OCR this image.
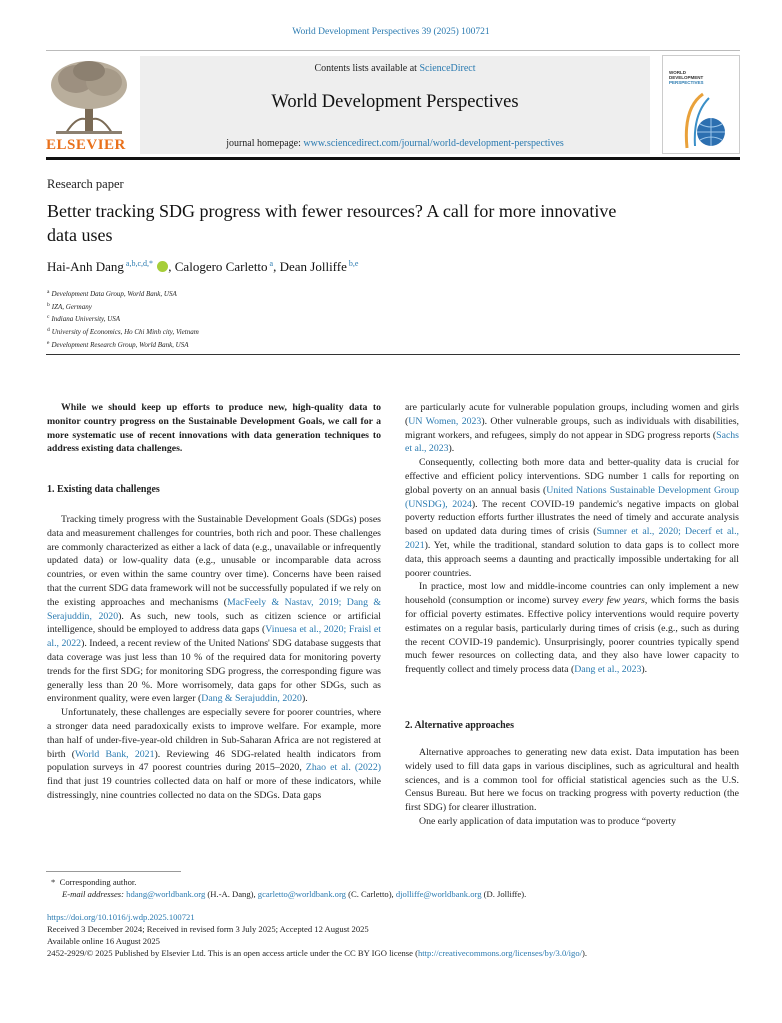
World Development Perspectives 39 (2025) 100721
ELSEVIER
Contents lists available at ScienceDirect
World Development Perspectives
journal homepage: www.sciencedirect.com/journal/world-development-perspectives
WORLD
DEVELOPMENT
PERSPECTIVES
Research paper
Better tracking SDG progress with fewer resources? A call for more innovative data uses
Hai-Anh Dang $^{a,b,c,d,*}$ , Calogero Carletto $^a$, Dean Jolliffe $^{b,e}$
$^a$ Development Data Group, World Bank, USA
$^b$ IZA, Germany
$^c$ Indiana University, USA
$^d$ University of Economics, Ho Chi Minh city, Vietnam
$^e$ Development Research Group, World Bank, USA

While we should keep up efforts to produce new, high-quality data to monitor country progress on the Sustainable Development Goals, we call for a more systematic use of recent innovations with data generation techniques to address existing data challenges.

1. Existing data challenges

Tracking timely progress with the Sustainable Development Goals (SDGs) poses data and measurement challenges for countries, both rich and poor. These challenges are commonly characterized as either a lack of data (e.g., unavailable or infrequently updated data) or low-quality data (e.g., unusable or incomparable data across countries, or even within the same country over time). Concerns have been raised that the current SDG data framework will not be successfully populated if we rely on the existing approaches and mechanisms (MacFeely & Nastav, 2019; Dang & Serajuddin, 2020). As such, new tools, such as citizen science or artificial intelligence, should be employed to address data gaps (Vinuesa et al., 2020; Fraisl et al., 2022). Indeed, a recent review of the United Nations' SDG database suggests that data coverage was just less than 10 % of the required data for monitoring poverty trends for the first SDG; for monitoring SDG progress, the corresponding figure was generally less than 20 %. More worrisomely, data gaps for other SDGs, such as environment quality, were even larger (Dang & Serajuddin, 2020).

Unfortunately, these challenges are especially severe for poorer countries, where a stronger data need paradoxically exists to improve welfare. For example, more than half of under-five-year-old children in Sub-Saharan Africa are not registered at birth (World Bank, 2021). Reviewing 46 SDG-related health indicators from population surveys in 47 poorest countries during 2015–2020, Zhao et al. (2022) find that just 19 countries collected data on half or more of these indicators, while distressingly, nine countries collected no data on the SDGs. Data gaps

are particularly acute for vulnerable population groups, including women and girls (UN Women, 2023). Other vulnerable groups, such as individuals with disabilities, migrant workers, and refugees, simply do not appear in SDG progress reports (Sachs et al., 2023).

Consequently, collecting both more data and better-quality data is crucial for effective and efficient policy interventions. SDG number 1 calls for reporting on global poverty on an annual basis (United Nations Sustainable Development Group (UNSDG), 2024). The recent COVID-19 pandemic's negative impacts on global poverty reduction efforts further illustrates the need of timely and accurate analysis based on updated data during times of crisis (Sumner et al., 2020; Decerf et al., 2021). Yet, while the traditional, standard solution to data gaps is to collect more data, this approach seems a daunting and practically impossible undertaking for all poorer countries.

In practice, most low and middle-income countries can only implement a new household (consumption or income) survey every few years, which forms the basis for official poverty estimates. Effective policy interventions would require poverty estimates on a regular basis, particularly during times of crisis (e.g., such as during the recent COVID-19 pandemic). Unsurprisingly, poorer countries typically spend much fewer resources on collecting data, and they also have lower capacity to frequently collect and timely process data (Dang et al., 2023).

2. Alternative approaches

Alternative approaches to generating new data exist. Data imputation has been widely used to fill data gaps in various disciplines, such as agricultural and health sciences, and is a common tool for official statistical agencies such as the U.S. Census Bureau. But here we focus on tracking progress with poverty reduction (the first SDG) for clearer illustration.

One early application of data imputation was to produce “poverty

* Corresponding author.
E-mail addresses: hdang@worldbank.org (H.-A. Dang), gcarletto@worldbank.org (C. Carletto), djolliffe@worldbank.org (D. Jolliffe).
https://doi.org/10.1016/j.wdp.2025.100721
Received 3 December 2024; Received in revised form 3 July 2025; Accepted 12 August 2025
Available online 16 August 2025
2452-2929/© 2025 Published by Elsevier Ltd. This is an open access article under the CC BY IGO license (http://creativecommons.org/licenses/by/3.0/igo/).
